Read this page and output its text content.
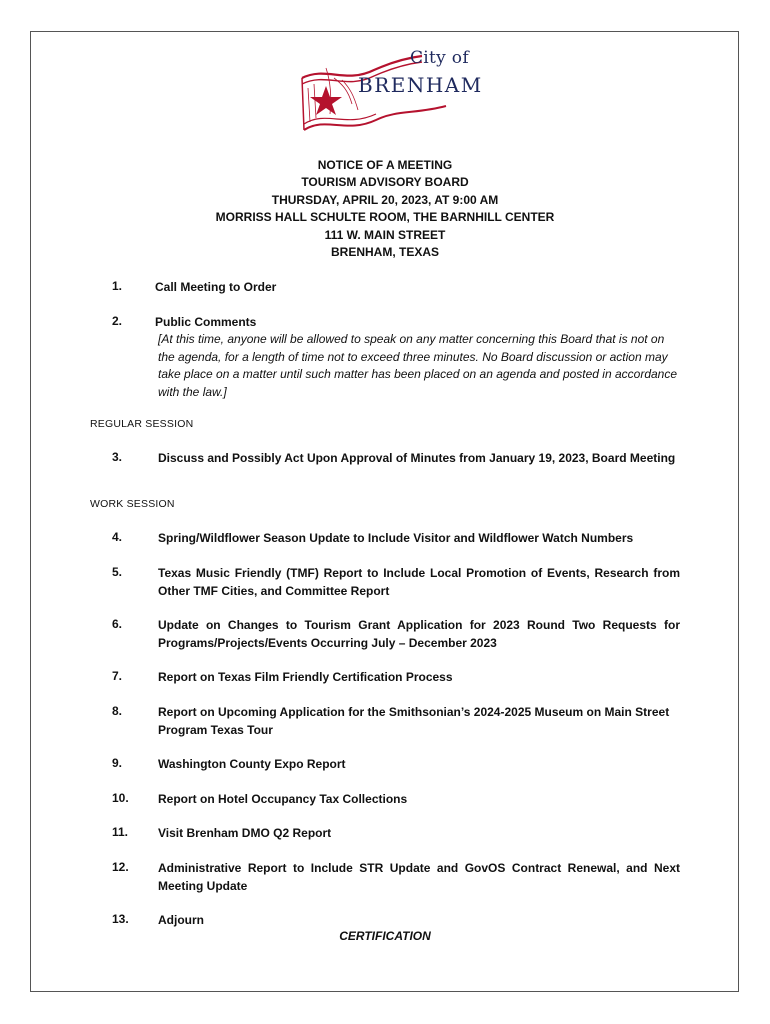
City of
BRENHAM
NOTICE OF A MEETING
TOURISM ADVISORY BOARD
THURSDAY, APRIL 20, 2023, AT 9:00 AM
MORRISS HALL SCHULTE ROOM, THE BARNHILL CENTER
111 W. MAIN STREET
BRENHAM, TEXAS
1.	Call Meeting to Order
2.	Public Comments
[At this time, anyone will be allowed to speak on any matter concerning this Board that is not on the agenda, for a length of time not to exceed three minutes. No Board discussion or action may take place on a matter until such matter has been placed on an agenda and posted in accordance with the law.]
REGULAR SESSION
3.	Discuss and Possibly Act Upon Approval of Minutes from January 19, 2023, Board Meeting
WORK SESSION
4.	Spring/Wildflower Season Update to Include Visitor and Wildflower Watch Numbers
5.	Texas Music Friendly (TMF) Report to Include Local Promotion of Events, Research from Other TMF Cities, and Committee Report
6.	Update on Changes to Tourism Grant Application for 2023 Round Two Requests for Programs/Projects/Events Occurring July – December 2023
7.	Report on Texas Film Friendly Certification Process
8.	Report on Upcoming Application for the Smithsonian’s 2024-2025 Museum on Main Street Program Texas Tour
9.	Washington County Expo Report
10. Report on Hotel Occupancy Tax Collections
11. Visit Brenham DMO Q2 Report
12. Administrative Report to Include STR Update and GovOS Contract Renewal, and Next Meeting Update
13. Adjourn
CERTIFICATION
